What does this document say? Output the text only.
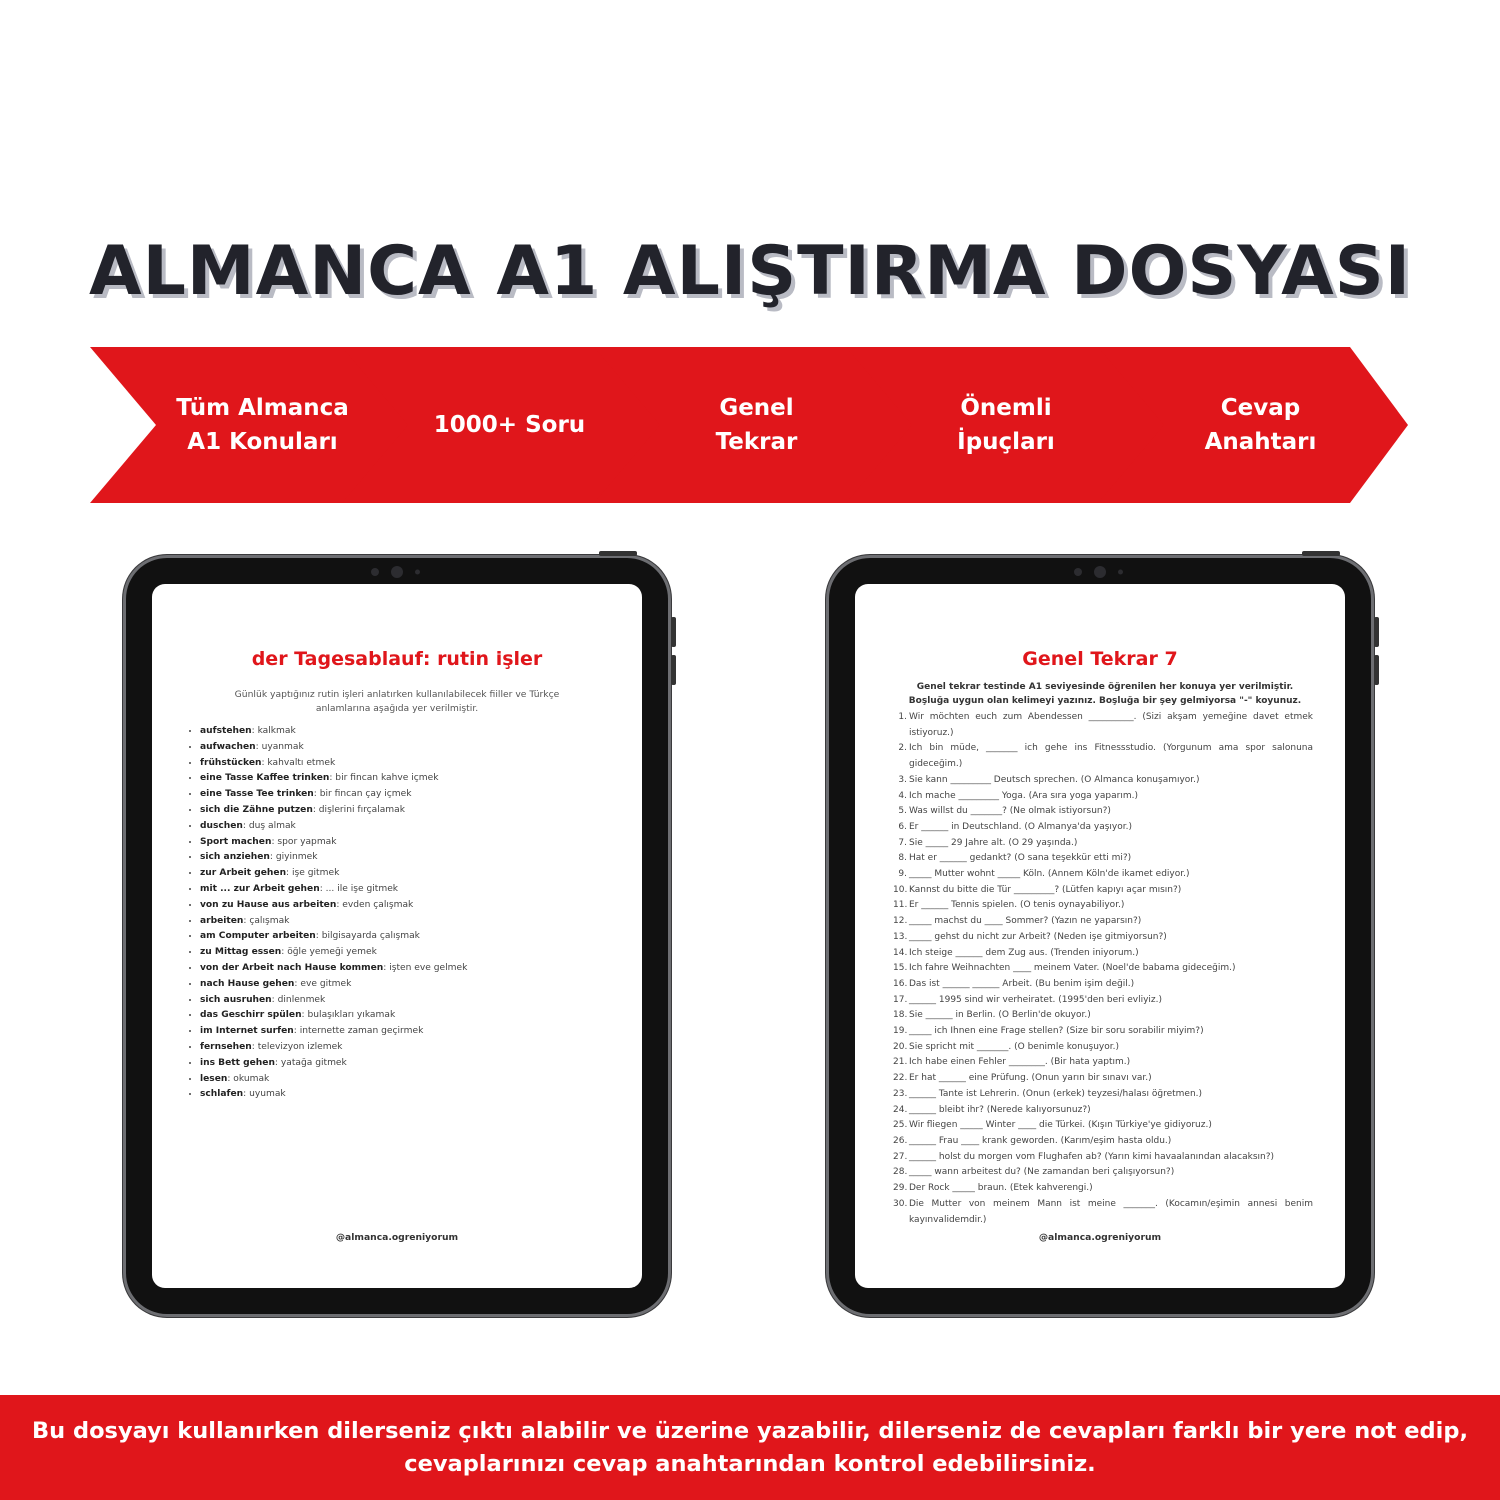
ALMANCA A1 ALIŞTIRMA DOSYASI
Tüm Almanca
A1 Konuları
1000+ Soru
Genel
Tekrar
Önemli
İpuçları
Cevap
Anahtarı
der Tagesablauf: rutin işler
Günlük yaptığınız rutin işleri anlatırken kullanılabilecek fiiller ve Türkçe anlamlarına aşağıda yer verilmiştir.
• aufstehen: kalkmak
• aufwachen: uyanmak
• frühstücken: kahvaltı etmek
• eine Tasse Kaffee trinken: bir fincan kahve içmek
• eine Tasse Tee trinken: bir fincan çay içmek
• sich die Zähne putzen: dişlerini fırçalamak
• duschen: duş almak
• Sport machen: spor yapmak
• sich anziehen: giyinmek
• zur Arbeit gehen: işe gitmek
• mit ... zur Arbeit gehen: ... ile işe gitmek
• von zu Hause aus arbeiten: evden çalışmak
• arbeiten: çalışmak
• am Computer arbeiten: bilgisayarda çalışmak
• zu Mittag essen: öğle yemeği yemek
• von der Arbeit nach Hause kommen: işten eve gelmek
• nach Hause gehen: eve gitmek
• sich ausruhen: dinlenmek
• das Geschirr spülen: bulaşıkları yıkamak
• im Internet surfen: internette zaman geçirmek
• fernsehen: televizyon izlemek
• ins Bett gehen: yatağa gitmek
• lesen: okumak
• schlafen: uyumak
@almanca.ogreniyorum
Genel Tekrar 7
Genel tekrar testinde A1 seviyesinde öğrenilen her konuya yer verilmiştir.
Boşluğa uygun olan kelimeyi yazınız. Boşluğa bir şey gelmiyorsa "-" koyunuz.
1. Wir möchten euch zum Abendessen __________. (Sizi akşam yemeğine davet etmek istiyoruz.)
2. Ich bin müde, _______ ich gehe ins Fitnessstudio. (Yorgunum ama spor salonuna gideceğim.)
3. Sie kann _________ Deutsch sprechen. (O Almanca konuşamıyor.)
4. Ich mache _________ Yoga. (Ara sıra yoga yaparım.)
5. Was willst du _______? (Ne olmak istiyorsun?)
6. Er ______ in Deutschland. (O Almanya'da yaşıyor.)
7. Sie _____ 29 Jahre alt. (O 29 yaşında.)
8. Hat er ______ gedankt? (O sana teşekkür etti mi?)
9. _____ Mutter wohnt _____ Köln. (Annem Köln'de ikamet ediyor.)
10. Kannst du bitte die Tür _________? (Lütfen kapıyı açar mısın?)
11. Er ______ Tennis spielen. (O tenis oynayabiliyor.)
12. _____ machst du ____ Sommer? (Yazın ne yaparsın?)
13. _____ gehst du nicht zur Arbeit? (Neden işe gitmiyorsun?)
14. Ich steige ______ dem Zug aus. (Trenden iniyorum.)
15. Ich fahre Weihnachten ____ meinem Vater. (Noel'de babama gideceğim.)
16. Das ist ______ ______ Arbeit. (Bu benim işim değil.)
17. ______ 1995 sind wir verheiratet. (1995'den beri evliyiz.)
18. Sie ______ in Berlin. (O Berlin'de okuyor.)
19. _____ ich Ihnen eine Frage stellen? (Size bir soru sorabilir miyim?)
20. Sie spricht mit _______. (O benimle konuşuyor.)
21. Ich habe einen Fehler ________. (Bir hata yaptım.)
22. Er hat ______ eine Prüfung. (Onun yarın bir sınavı var.)
23. ______ Tante ist Lehrerin. (Onun (erkek) teyzesi/halası öğretmen.)
24. ______ bleibt ihr? (Nerede kalıyorsunuz?)
25. Wir fliegen _____ Winter ____ die Türkei. (Kışın Türkiye'ye gidiyoruz.)
26. ______ Frau ____ krank geworden. (Karım/eşim hasta oldu.)
27. ______ holst du morgen vom Flughafen ab? (Yarın kimi havaalanından alacaksın?)
28. _____ wann arbeitest du? (Ne zamandan beri çalışıyorsun?)
29. Der Rock _____ braun. (Etek kahverengi.)
30. Die Mutter von meinem Mann ist meine _______. (Kocamın/eşimin annesi benim kayınvalidemdir.)
@almanca.ogreniyorum

Bu dosyayı kullanırken dilerseniz çıktı alabilir ve üzerine yazabilir, dilerseniz de cevapları farklı bir yere not edip,
cevaplarınızı cevap anahtarından kontrol edebilirsiniz.
